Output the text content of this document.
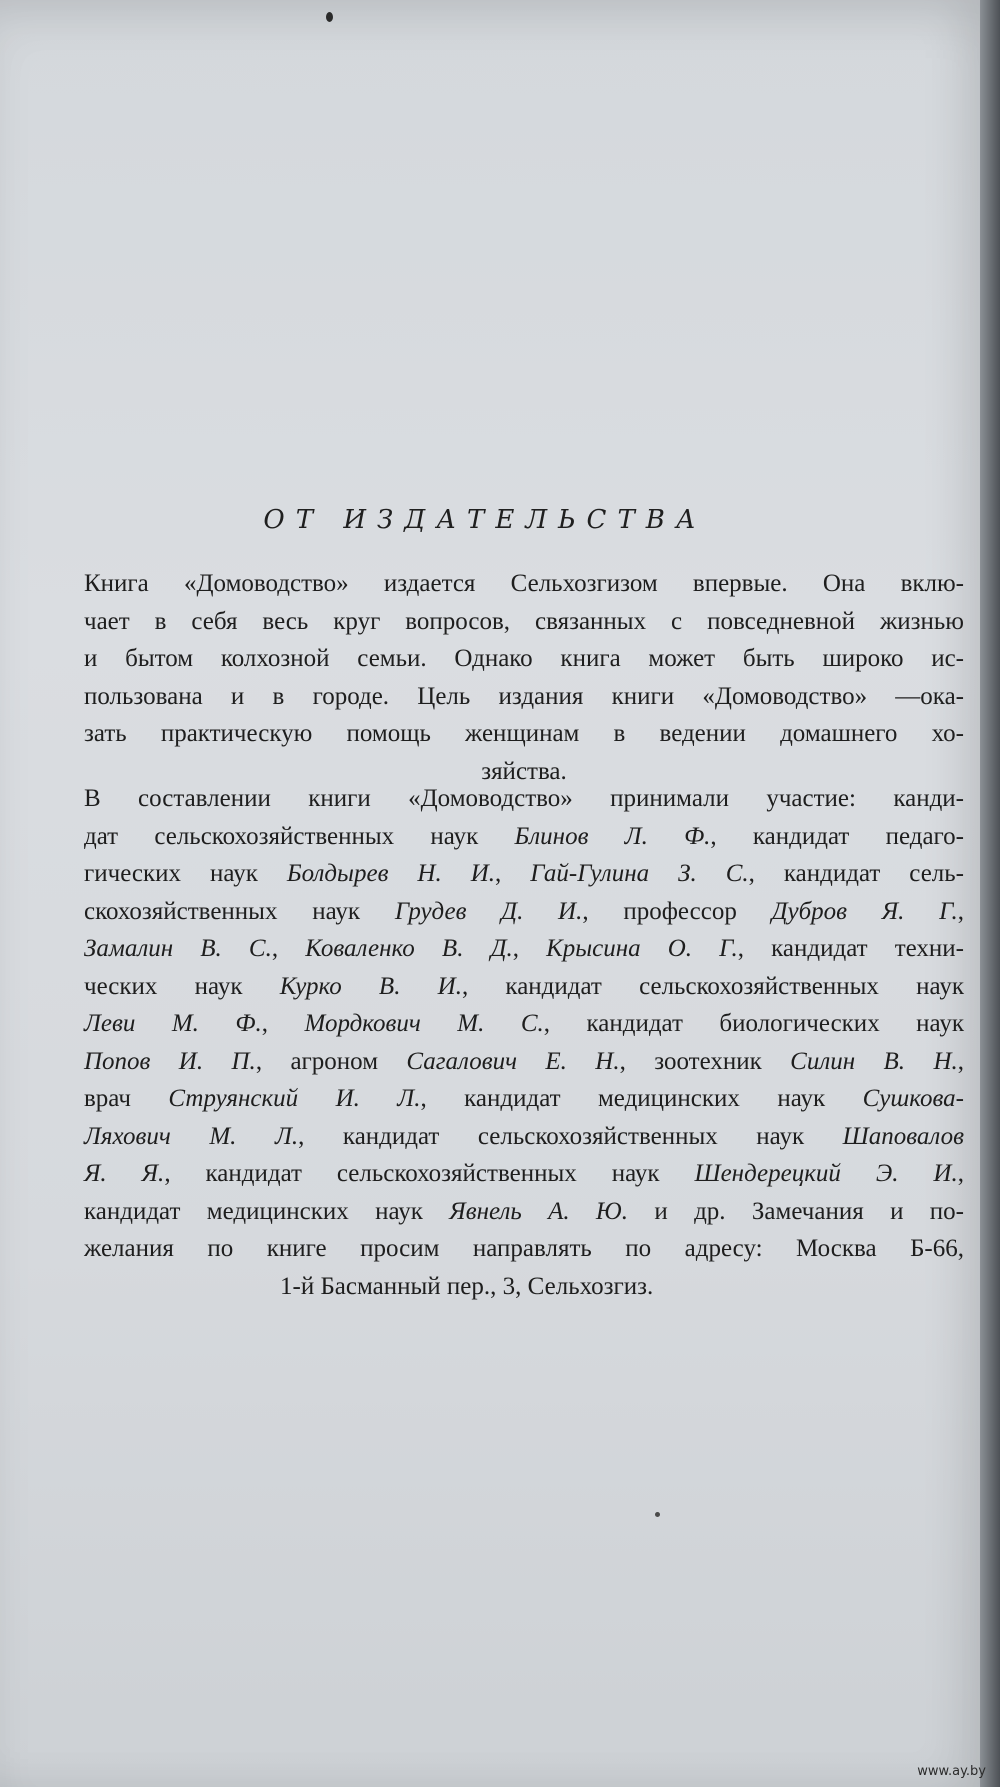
ОТ ИЗДАТЕЛЬСТВА
Книга «Домоводство» издается Сельхозгизом впервые. Она вклю-
чает в себя весь круг вопросов, связанных с повседневной жизнью
и бытом колхозной семьи. Однако книга может быть широко ис-
пользована и в городе. Цель издания книги «Домоводство» —ока-
зать практическую помощь женщинам в ведении домашнего хо-
зяйства.
В составлении книги «Домоводство» принимали участие: канди-
дат сельскохозяйственных наук Блинов Л. Ф., кандидат педаго-
гических наук Болдырев Н. И., Гай-Гулина З. С., кандидат сель-
скохозяйственных наук Грудев Д. И., профессор Дубров Я. Г.,
Замалин В. С., Коваленко В. Д., Крысина О. Г., кандидат техни-
ческих наук Курко В. И., кандидат сельскохозяйственных наук
Леви М. Ф., Мордкович М. С., кандидат биологических наук
Попов И. П., агроном Сагалович Е. Н., зоотехник Силин В. Н.,
врач Струянский И. Л., кандидат медицинских наук Сушкова-
Ляхович М. Л., кандидат сельскохозяйственных наук Шаповалов
Я. Я., кандидат сельскохозяйственных наук Шендерецкий Э. И.,
кандидат медицинских наук Явнель А. Ю. и др. Замечания и по-
желания по книге просим направлять по адресу: Москва Б-66,
1-й Басманный пер., 3, Сельхозгиз.
www.ay.by
